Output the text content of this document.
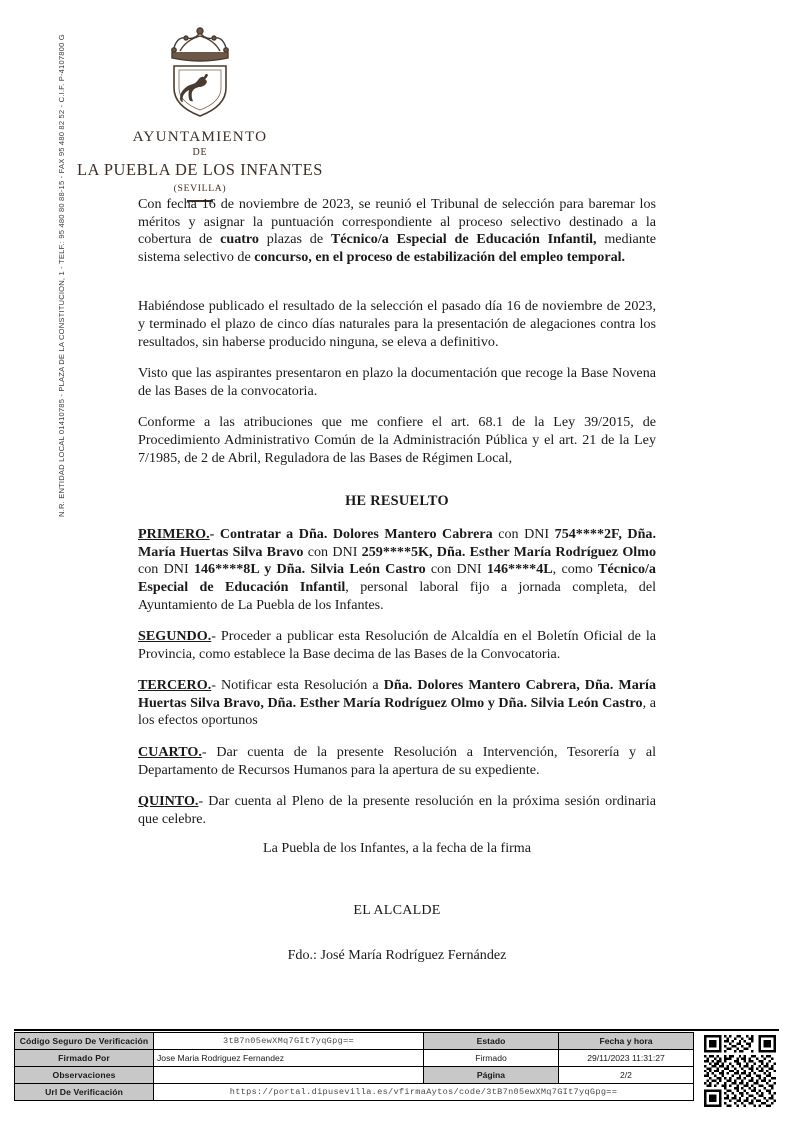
N.R. ENTIDAD LOCAL 01410785 - PLAZA DE LA CONSTITUCION, 1 - TELF.: 95 480 80 88-15 - FAX 95 480 82 52 - C.I.F. P-4107800 G	AYUNTAMIENTO
DE
LA PUEBLA DE LOS INFANTES
(SEVILLA)

Con fecha 16 de noviembre de 2023, se reunió el Tribunal de selección para baremar los méritos y asignar la puntuación correspondiente al proceso selectivo destinado a la cobertura de cuatro plazas de Técnico/a Especial de Educación Infantil, mediante sistema selectivo de concurso, en el proceso de estabilización del empleo temporal.

Habiéndose publicado el resultado de la selección el pasado día 16 de noviembre de 2023, y terminado el plazo de cinco días naturales para la presentación de alegaciones contra los resultados, sin haberse producido ninguna, se eleva a definitivo.

Visto que las aspirantes presentaron en plazo la documentación que recoge la Base Novena de las Bases de la convocatoria.

Conforme a las atribuciones que me confiere el art. 68.1 de la Ley 39/2015, de Procedimiento Administrativo Común de la Administración Pública y el art. 21 de la Ley 7/1985, de 2 de Abril, Reguladora de las Bases de Régimen Local,

HE RESUELTO

PRIMERO.- Contratar a Dña. Dolores Mantero Cabrera con DNI 754****2F, Dña. María Huertas Silva Bravo con DNI 259****5K, Dña. Esther María Rodríguez Olmo con DNI 146****8L y Dña. Silvia León Castro con DNI 146****4L, como Técnico/a Especial de Educación Infantil, personal laboral fijo a jornada completa, del Ayuntamiento de La Puebla de los Infantes.

SEGUNDO.- Proceder a publicar esta Resolución de Alcaldía en el Boletín Oficial de la Provincia, como establece la Base decima de las Bases de la Convocatoria.

TERCERO.- Notificar esta Resolución a Dña. Dolores Mantero Cabrera, Dña. María Huertas Silva Bravo, Dña. Esther María Rodríguez Olmo y Dña. Silvia León Castro, a los efectos oportunos

CUARTO.- Dar cuenta de la presente Resolución a Intervención, Tesorería y al Departamento de Recursos Humanos para la apertura de su expediente.

QUINTO.- Dar cuenta al Pleno de la presente resolución en la próxima sesión ordinaria que celebre.

La Puebla de los Infantes, a la fecha de la firma

EL ALCALDE

Fdo.: José María Rodríguez Fernández

Código Seguro De Verificación	3tB7n05ewXMq7GIt7yqGpg==	Estado	Fecha y hora
Firmado Por	Jose Maria Rodriguez Fernandez	Firmado	29/11/2023 11:31:27
Observaciones		Página	2/2
Url De Verificación	https://portal.dipusevilla.es/vfirmaAytos/code/3tB7n05ewXMq7GIt7yqGpg==		
